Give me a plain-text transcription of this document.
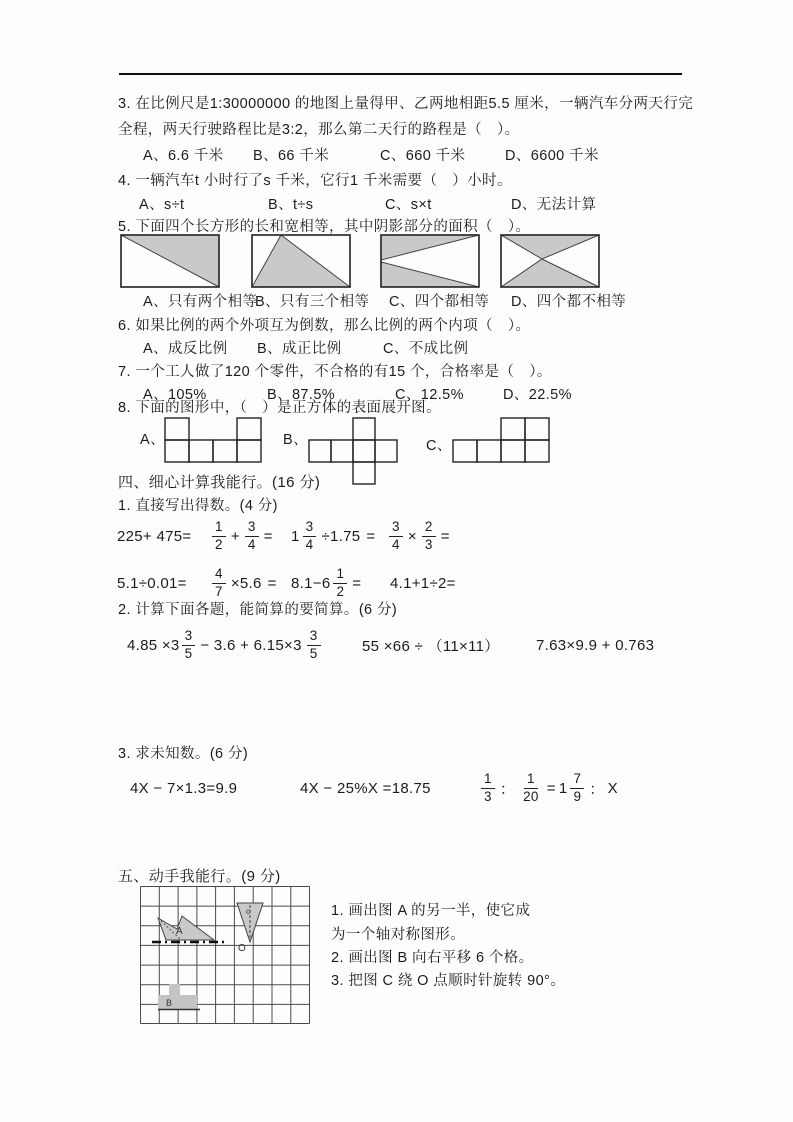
3. 在比例尺是1:30000000 的地图上量得甲、乙两地相距5.5 厘米，一辆汽车分两天行完
全程，两天行驶路程比是3:2，那么第二天行的路程是（　）。
A、6.6 千米 B、66 千米	C、660 千米	D、6600 千米
4. 一辆汽车t 小时行了s 千米，它行1 千米需要（　）小时。
A、s÷t	B、t÷s	C、s×t	D、无法计算
5. 下面四个长方形的长和宽相等，其中阴影部分的面积（　）。
A、只有两个相等
B、只有三个相等 C、四个都相等 D、四个都不相等
6. 如果比例的两个外项互为倒数，那么比例的两个内项（　）。
A、成反比例 B、成正比例	C、不成比例
7. 一个工人做了120 个零件，不合格的有15 个，合格率是（　）。
A、105%	B、87.5%	C、12.5%	D、22.5%
8. 下面的图形中，（　）是正方体的表面展开图。
A、	B、	C、
四、细心计算我能行。(16 分)
1. 直接写出得数。(4 分)
$225+ 475= \frac{1}{2} + \frac{3}{4} = 1 \frac{3}{4} \div 1.75 = \frac{3}{4} \times \frac{2}{3}$ =
$5.1\div 0.01= \frac{4}{7} \times 5.6 = 8.1- 6 \frac{1}{2} = 4.1+1\div 2=$
2. 计算下面各题，能简算的要简算。(6 分)
$4.85 \times 3 \frac{3}{5} - 3.6 + 6.15\times 3 \frac{3}{5}$	55 ×66 ÷ （11×11） 7.63×9.9 + 0.763
3. 求未知数。(6 分)
4X − 7×1.3=9.9	4X − 25%X =18.75	$\frac{1}{3}$ ： $\frac{1}{20} = 1 \frac{7}{9}$ ： X
五、动手我能行。(9 分)
A
c
O
B
1. 画出图 A 的另一半，使它成
为一个轴对称图形。
2. 画出图 B 向右平移 6 个格。
3. 把图 C 绕 O 点顺时针旋转 90°。
